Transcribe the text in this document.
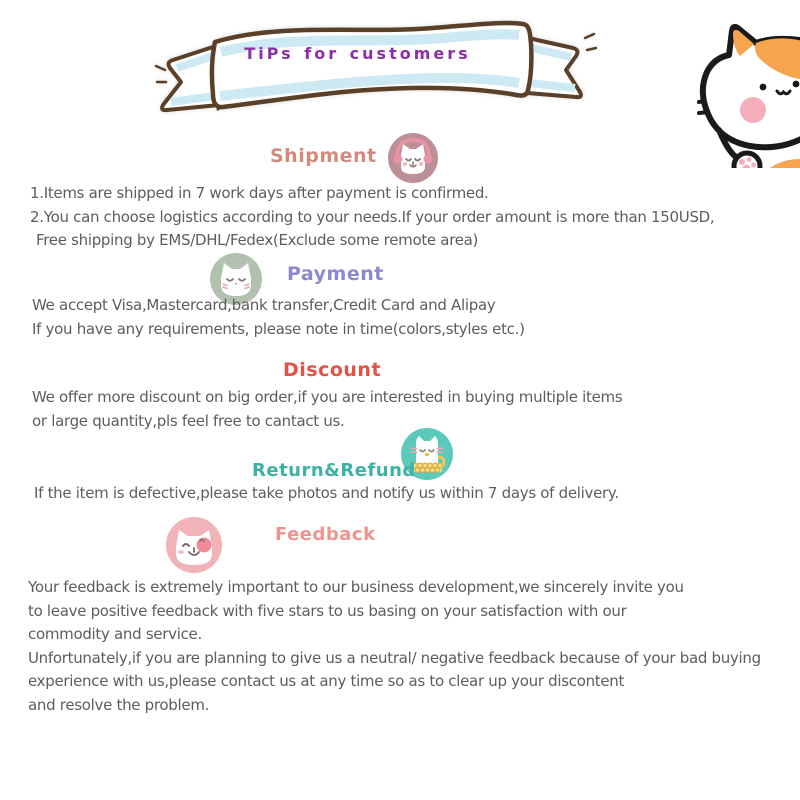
TiPs for customers
Shipment
1.Items are shipped in 7 work days after payment is confirmed.
2.You can choose logistics according to your needs.If your order amount is more than 150USD,
Free shipping by EMS/DHL/Fedex(Exclude some remote area)
Payment
We accept Visa,Mastercard,bank transfer,Credit Card and Alipay
If you have any requirements, please note in time(colors,styles etc.)
Discount
We offer more discount on big order,if you are interested in buying multiple items
or large quantity,pls feel free to cantact us.
Return&Refund
If the item is defective,please take photos and notify us within 7 days of delivery.
Feedback
Your feedback is extremely important to our business development,we sincerely invite you
to leave positive feedback with five stars to us basing on your satisfaction with our
commodity and service.
Unfortunately,if you are planning to give us a neutral/ negative feedback because of your bad buying
experience with us,please contact us at any time so as to clear up your discontent
and resolve the problem.
